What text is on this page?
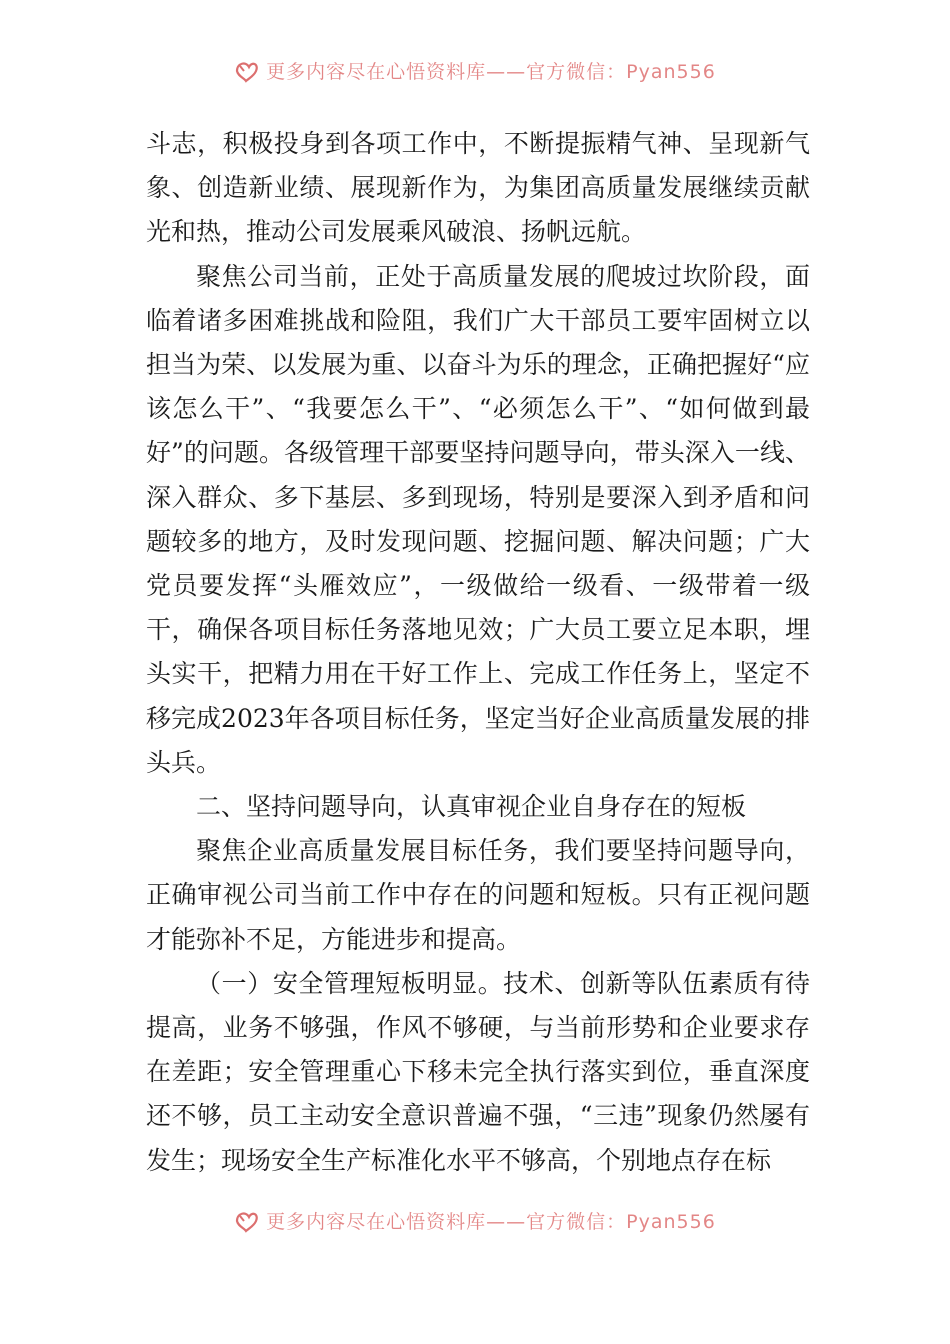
更多内容尽在心悟资料库——官方微信：Pyan556

斗志，积极投身到各项工作中，不断提振精气神、呈现新气象、创造新业绩、展现新作为，为集团高质量发展继续贡献光和热，推动公司发展乘风破浪、扬帆远航。

聚焦公司当前，正处于高质量发展的爬坡过坎阶段，面临着诸多困难挑战和险阻，我们广大干部员工要牢固树立以担当为荣、以发展为重、以奋斗为乐的理念，正确把握好“应该怎么干”、“我要怎么干”、“必须怎么干”、“如何做到最好”的问题。各级管理干部要坚持问题导向，带头深入一线、深入群众、多下基层、多到现场，特别是要深入到矛盾和问题较多的地方，及时发现问题、挖掘问题、解决问题；广大党员要发挥“头雁效应”，一级做给一级看、一级带着一级干，确保各项目标任务落地见效；广大员工要立足本职，埋头实干，把精力用在干好工作上、完成工作任务上，坚定不移完成2023年各项目标任务，坚定当好企业高质量发展的排头兵。

二、坚持问题导向，认真审视企业自身存在的短板

聚焦企业高质量发展目标任务，我们要坚持问题导向，正确审视公司当前工作中存在的问题和短板。只有正视问题才能弥补不足，方能进步和提高。

（一）安全管理短板明显。技术、创新等队伍素质有待提高，业务不够强，作风不够硬，与当前形势和企业要求存在差距；安全管理重心下移未完全执行落实到位，垂直深度还不够，员工主动安全意识普遍不强，“三违”现象仍然屡有发生；现场安全生产标准化水平不够高，个别地点存在标

更多内容尽在心悟资料库——官方微信：Pyan556
